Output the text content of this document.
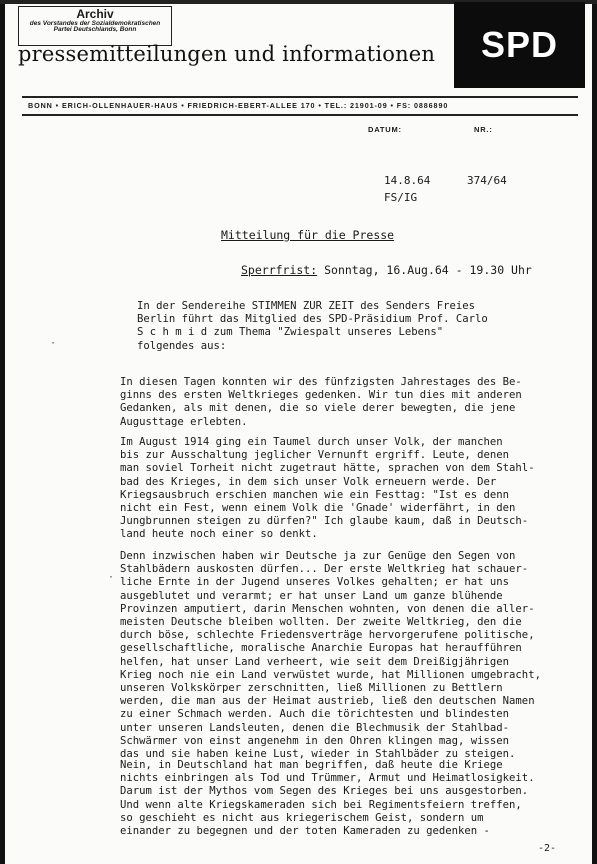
Archiv
des Vorstandes der Sozialdemokratischen
Partei Deutschlands, Bonn
pressemitteilungen und informationen	SPD
BONN • ERICH-OLLENHAUER-HAUS • FRIEDRICH-EBERT-ALLEE 170 • TEL.: 21901-09 • FS: 0886890
DATUM:	NR.:
14.8.64	374/64
FS/IG
Mitteilung für die Presse
Sperrfrist: Sonntag, 16.Aug.64 - 19.30 Uhr
In der Sendereihe STIMMEN ZUR ZEIT des Senders Freies
Berlin führt das Mitglied des SPD-Präsidium Prof. Carlo
S c h m i d zum Thema "Zwiespalt unseres Lebens"
folgendes aus:
In diesen Tagen konnten wir des fünfzigsten Jahrestages des Be-
ginns des ersten Weltkrieges gedenken. Wir tun dies mit anderen
Gedanken, als mit denen, die so viele derer bewegten, die jene
Augusttage erlebten.
Im August 1914 ging ein Taumel durch unser Volk, der manchen
bis zur Ausschaltung jeglicher Vernunft ergriff. Leute, denen
man soviel Torheit nicht zugetraut hätte, sprachen von dem Stahl-
bad des Krieges, in dem sich unser Volk erneuern werde. Der
Kriegsausbruch erschien manchen wie ein Festtag: "Ist es denn
nicht ein Fest, wenn einem Volk die 'Gnade' widerfährt, in den
Jungbrunnen steigen zu dürfen?" Ich glaube kaum, daß in Deutsch-
land heute noch einer so denkt.
Denn inzwischen haben wir Deutsche ja zur Genüge den Segen von
Stahlbädern auskosten dürfen... Der erste Weltkrieg hat schauer-
liche Ernte in der Jugend unseres Volkes gehalten; er hat uns
ausgeblutet und verarmt; er hat unser Land um ganze blühende
Provinzen amputiert, darin Menschen wohnten, von denen die aller-
meisten Deutsche bleiben wollten. Der zweite Weltkrieg, den die
durch böse, schlechte Friedensverträge hervorgerufene politische,
gesellschaftliche, moralische Anarchie Europas hat heraufführen
helfen, hat unser Land verheert, wie seit dem Dreißigjährigen
Krieg noch nie ein Land verwüstet wurde, hat Millionen umgebracht,
unseren Volkskörper zerschnitten, ließ Millionen zu Bettlern
werden, die man aus der Heimat austrieb, ließ den deutschen Namen
zu einer Schmach werden. Auch die törichtesten und blindesten
unter unseren Landsleuten, denen die Blechmusik der Stahlbad-
Schwärmer von einst angenehm in den Ohren klingen mag, wissen
das und sie haben keine Lust, wieder in Stahlbäder zu steigen.
Nein, in Deutschland hat man begriffen, daß heute die Kriege
nichts einbringen als Tod und Trümmer, Armut und Heimatlosigkeit.
Darum ist der Mythos vom Segen des Krieges bei uns ausgestorben.
Und wenn alte Kriegskameraden sich bei Regimentsfeiern treffen,
so geschieht es nicht aus kriegerischem Geist, sondern um
einander zu begegnen und der toten Kameraden zu gedenken -
·
·
-2-
